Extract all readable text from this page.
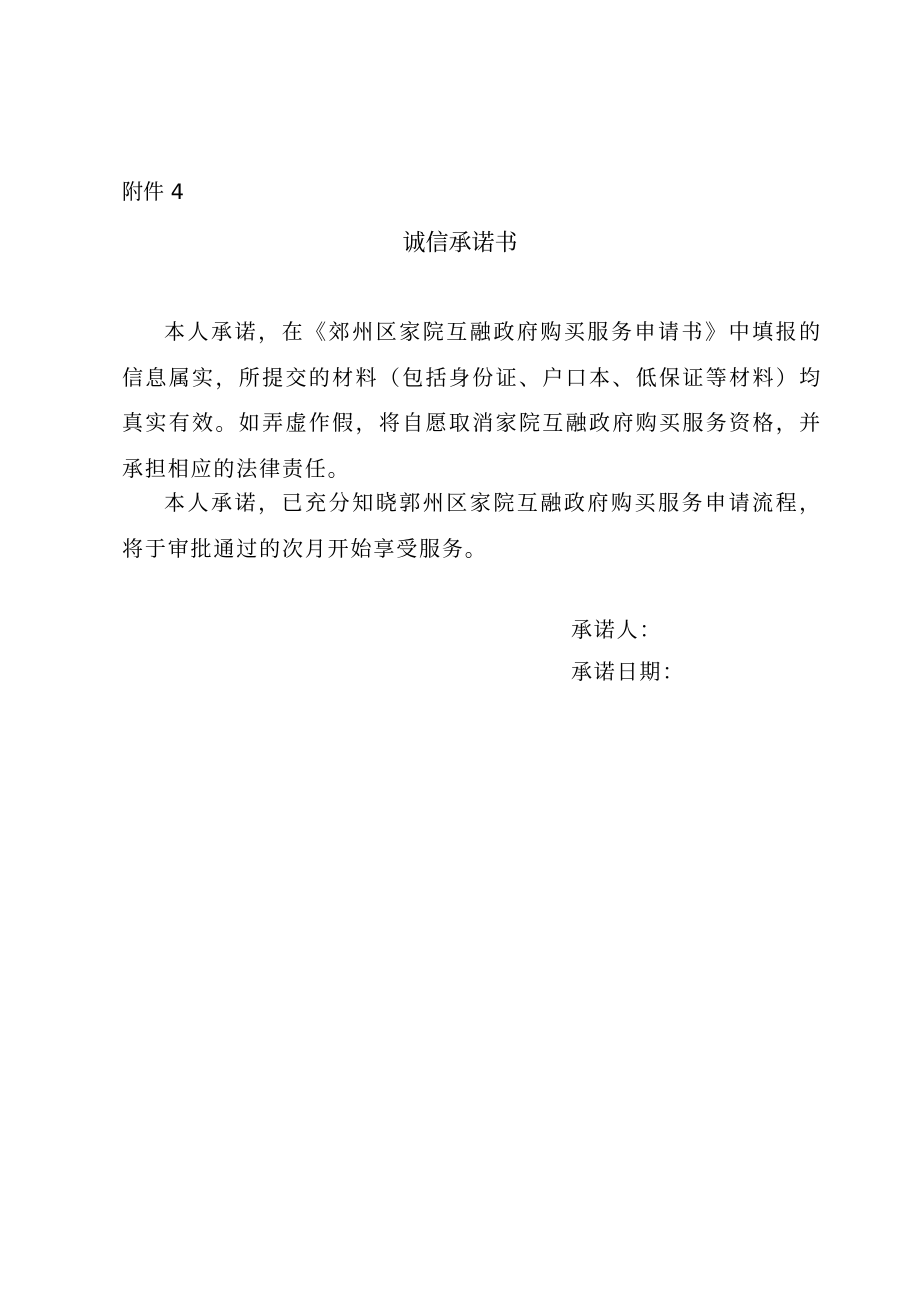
附件 4
诚信承诺书

本人承诺，在《郊州区家院互融政府购买服务申请书》中填报的信息属实，所提交的材料（包括身份证、户口本、低保证等材料）均真实有效。如弄虚作假，将自愿取消家院互融政府购买服务资格，并承担相应的法律责任。

本人承诺，已充分知晓郭州区家院互融政府购买服务申请流程，将于审批通过的次月开始享受服务。

承诺人：
承诺日期：
